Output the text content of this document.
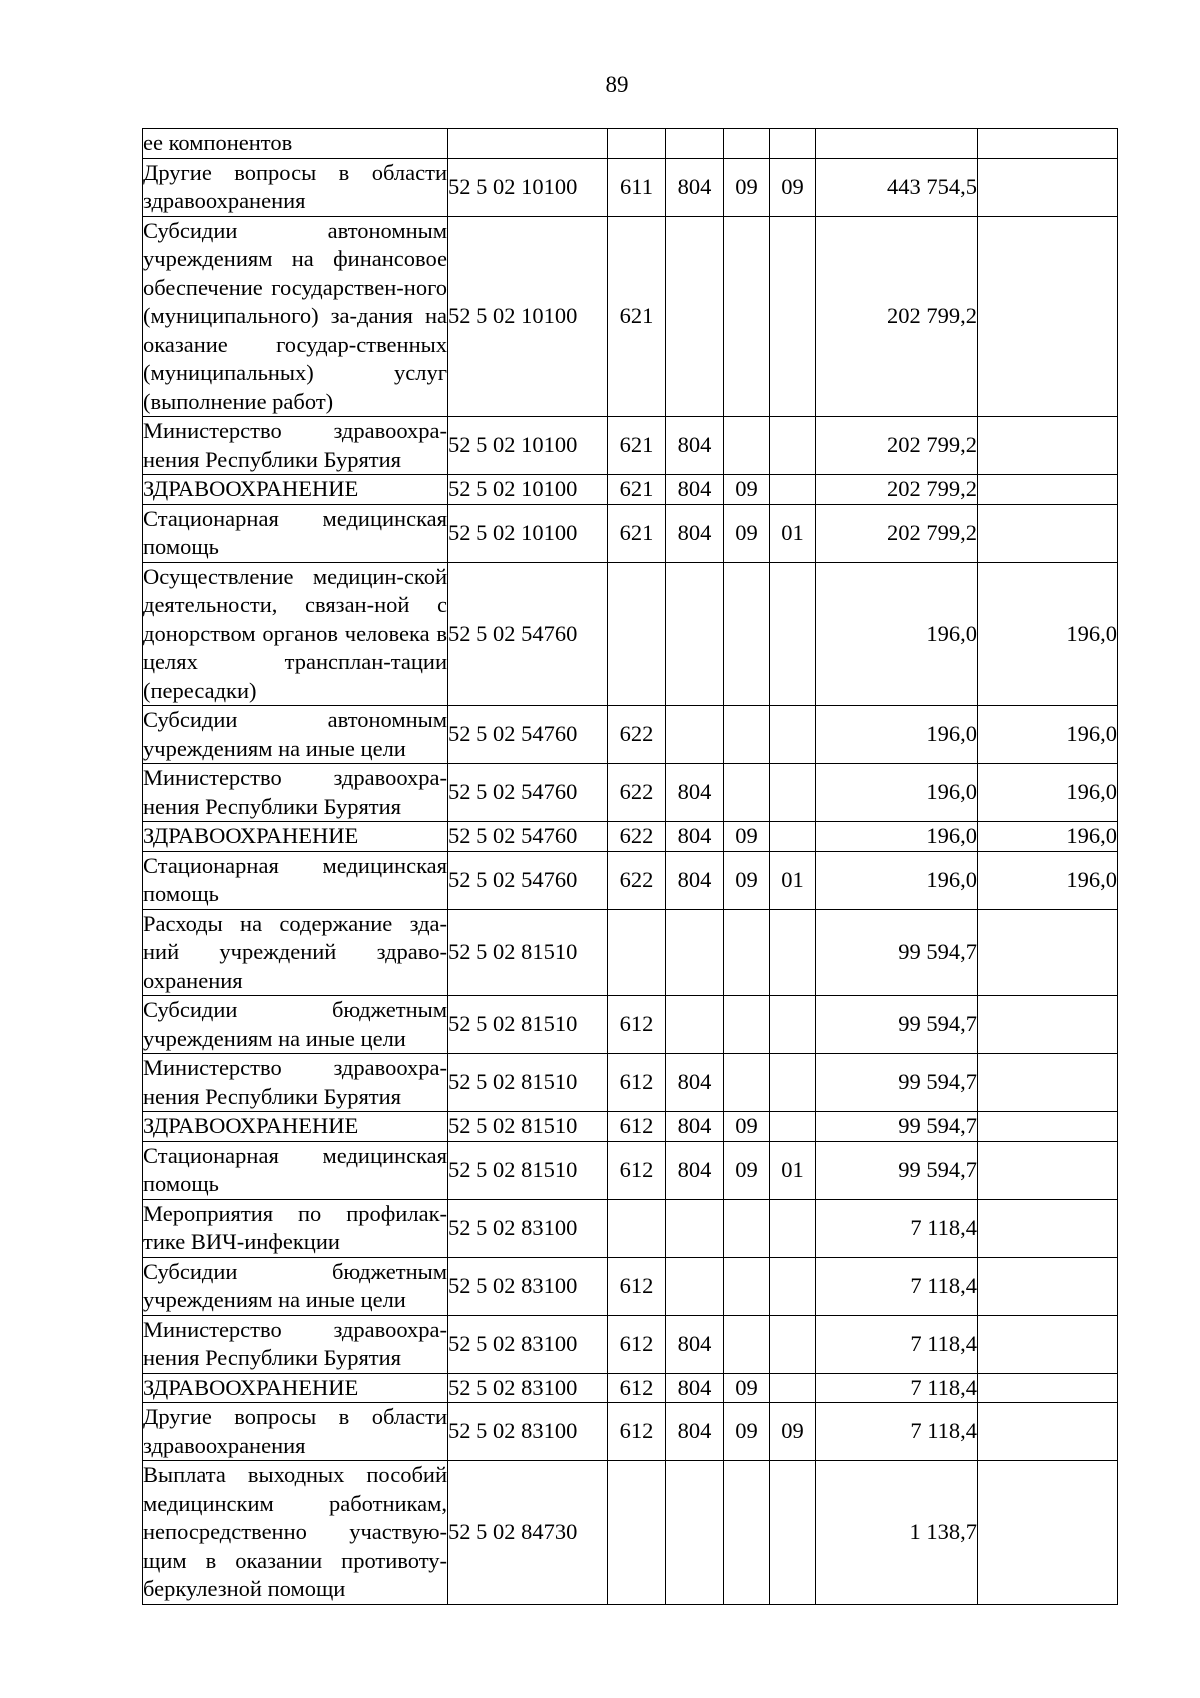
89
ее компонентов							
Другие вопросы в области здравоохранения	52 5 02 10100	611	804	09	09	443 754,5	
Субсидии автономным учреждениям на финансовое обеспечение государствен-ного (муниципального) за-дания на оказание государ-ственных (муниципальных) услуг (выполнение работ)	52 5 02 10100	621				202 799,2	
Министерство здравоохра-нения Республики Бурятия	52 5 02 10100	621	804			202 799,2	
ЗДРАВООХРАНЕНИЕ	52 5 02 10100	621	804	09		202 799,2	
Стационарная медицинская помощь	52 5 02 10100	621	804	09	01	202 799,2	
Осуществление медицин-ской деятельности, связан-ной с донорством органов человека в целях трансплан-тации (пересадки)	52 5 02 54760					196,0	196,0
Субсидии автономным учреждениям на иные цели	52 5 02 54760	622				196,0	196,0
Министерство здравоохра-нения Республики Бурятия	52 5 02 54760	622	804			196,0	196,0
ЗДРАВООХРАНЕНИЕ	52 5 02 54760	622	804	09		196,0	196,0
Стационарная медицинская помощь	52 5 02 54760	622	804	09	01	196,0	196,0
Расходы на содержание зда-ний учреждений здраво-охранения	52 5 02 81510					99 594,7	
Субсидии бюджетным учреждениям на иные цели	52 5 02 81510	612				99 594,7	
Министерство здравоохра-нения Республики Бурятия	52 5 02 81510	612	804			99 594,7	
ЗДРАВООХРАНЕНИЕ	52 5 02 81510	612	804	09		99 594,7	
Стационарная медицинская помощь	52 5 02 81510	612	804	09	01	99 594,7	
Мероприятия по профилак-тике ВИЧ-инфекции	52 5 02 83100					7 118,4	
Субсидии бюджетным учреждениям на иные цели	52 5 02 83100	612				7 118,4	
Министерство здравоохра-нения Республики Бурятия	52 5 02 83100	612	804			7 118,4	
ЗДРАВООХРАНЕНИЕ	52 5 02 83100	612	804	09		7 118,4	
Другие вопросы в области здравоохранения	52 5 02 83100	612	804	09	09	7 118,4	
Выплата выходных пособий медицинским работникам, непосредственно участвую-щим в оказании противоту-беркулезной помощи	52 5 02 84730					1 138,7	
